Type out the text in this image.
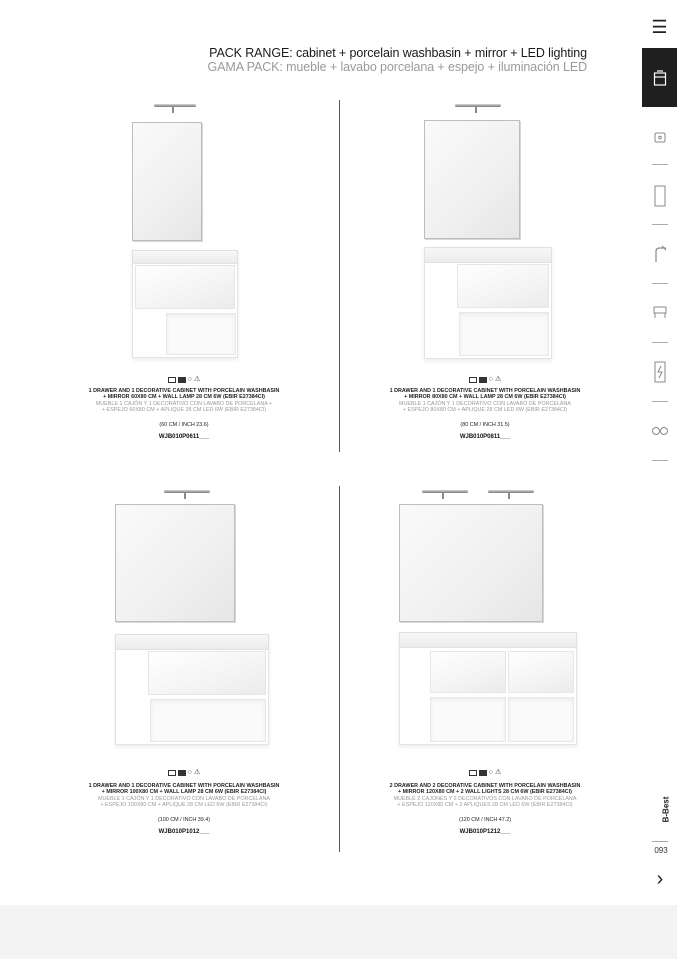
PACK RANGE: cabinet + porcelain washbasin + mirror + LED lighting
GAMA PACK: mueble + lavabo porcelana + espejo + iluminación LED
○ ⚠
1 DRAWER AND 1 DECORATIVE CABINET WITH PORCELAIN WASHBASIN
+ MIRROR 60X80 CM + WALL LAMP 28 CM 6W (EBIR E27384CI)
MUEBLE 1 CAJÓN Y 1 DECORATIVO CON LAVABO DE PORCELANA +
+ ESPEJO 60X80 CM + APLIQUE 28 CM LED 6W (EBIR E27384CI)
(60 CM / INCH 23.6)
WJB010P0611___
○ ⚠
1 DRAWER AND 1 DECORATIVE CABINET WITH PORCELAIN WASHBASIN
+ MIRROR 80X80 CM + WALL LAMP 28 CM 6W (EBIR E27384CI)
MUEBLE 1 CAJÓN Y 1 DECORATIVO CON LAVABO DE PORCELANA
+ ESPEJO 80X80 CM + APLIQUE 28 CM LED 6W (EBIR E27384CI)
(80 CM / INCH 31.5)
WJB010P0811___
○ ⚠
1 DRAWER AND 1 DECORATIVE CABINET WITH PORCELAIN WASHBASIN
+ MIRROR 100X80 CM + WALL LAMP 28 CM 6W (EBIR E27384CI)
MUEBLE 1 CAJÓN Y 1 DECORATIVO CON LAVABO DE PORCELANA
+ ESPEJO 100X80 CM + APLIQUE 28 CM LED 6W (EBIR E27384CI)
(100 CM / INCH 39.4)
WJB010P1012___
○ ⚠
2 DRAWER AND 2 DECORATIVE CABINET WITH PORCELAIN WASHBASIN
+ MIRROR 120X80 CM + 2 WALL LIGHTS 28 CM 6W (EBIR E27384CI)
MUEBLE 2 CAJONES Y 2 DECORATIVOS CON LAVABO DE PORCELANA
+ ESPEJO 120X80 CM + 2 APLIQUES 28 CM LED 6W (EBIR E27384CI)
(120 CM / INCH 47.2)
WJB010P1212___
☰
B-Best
093
›
